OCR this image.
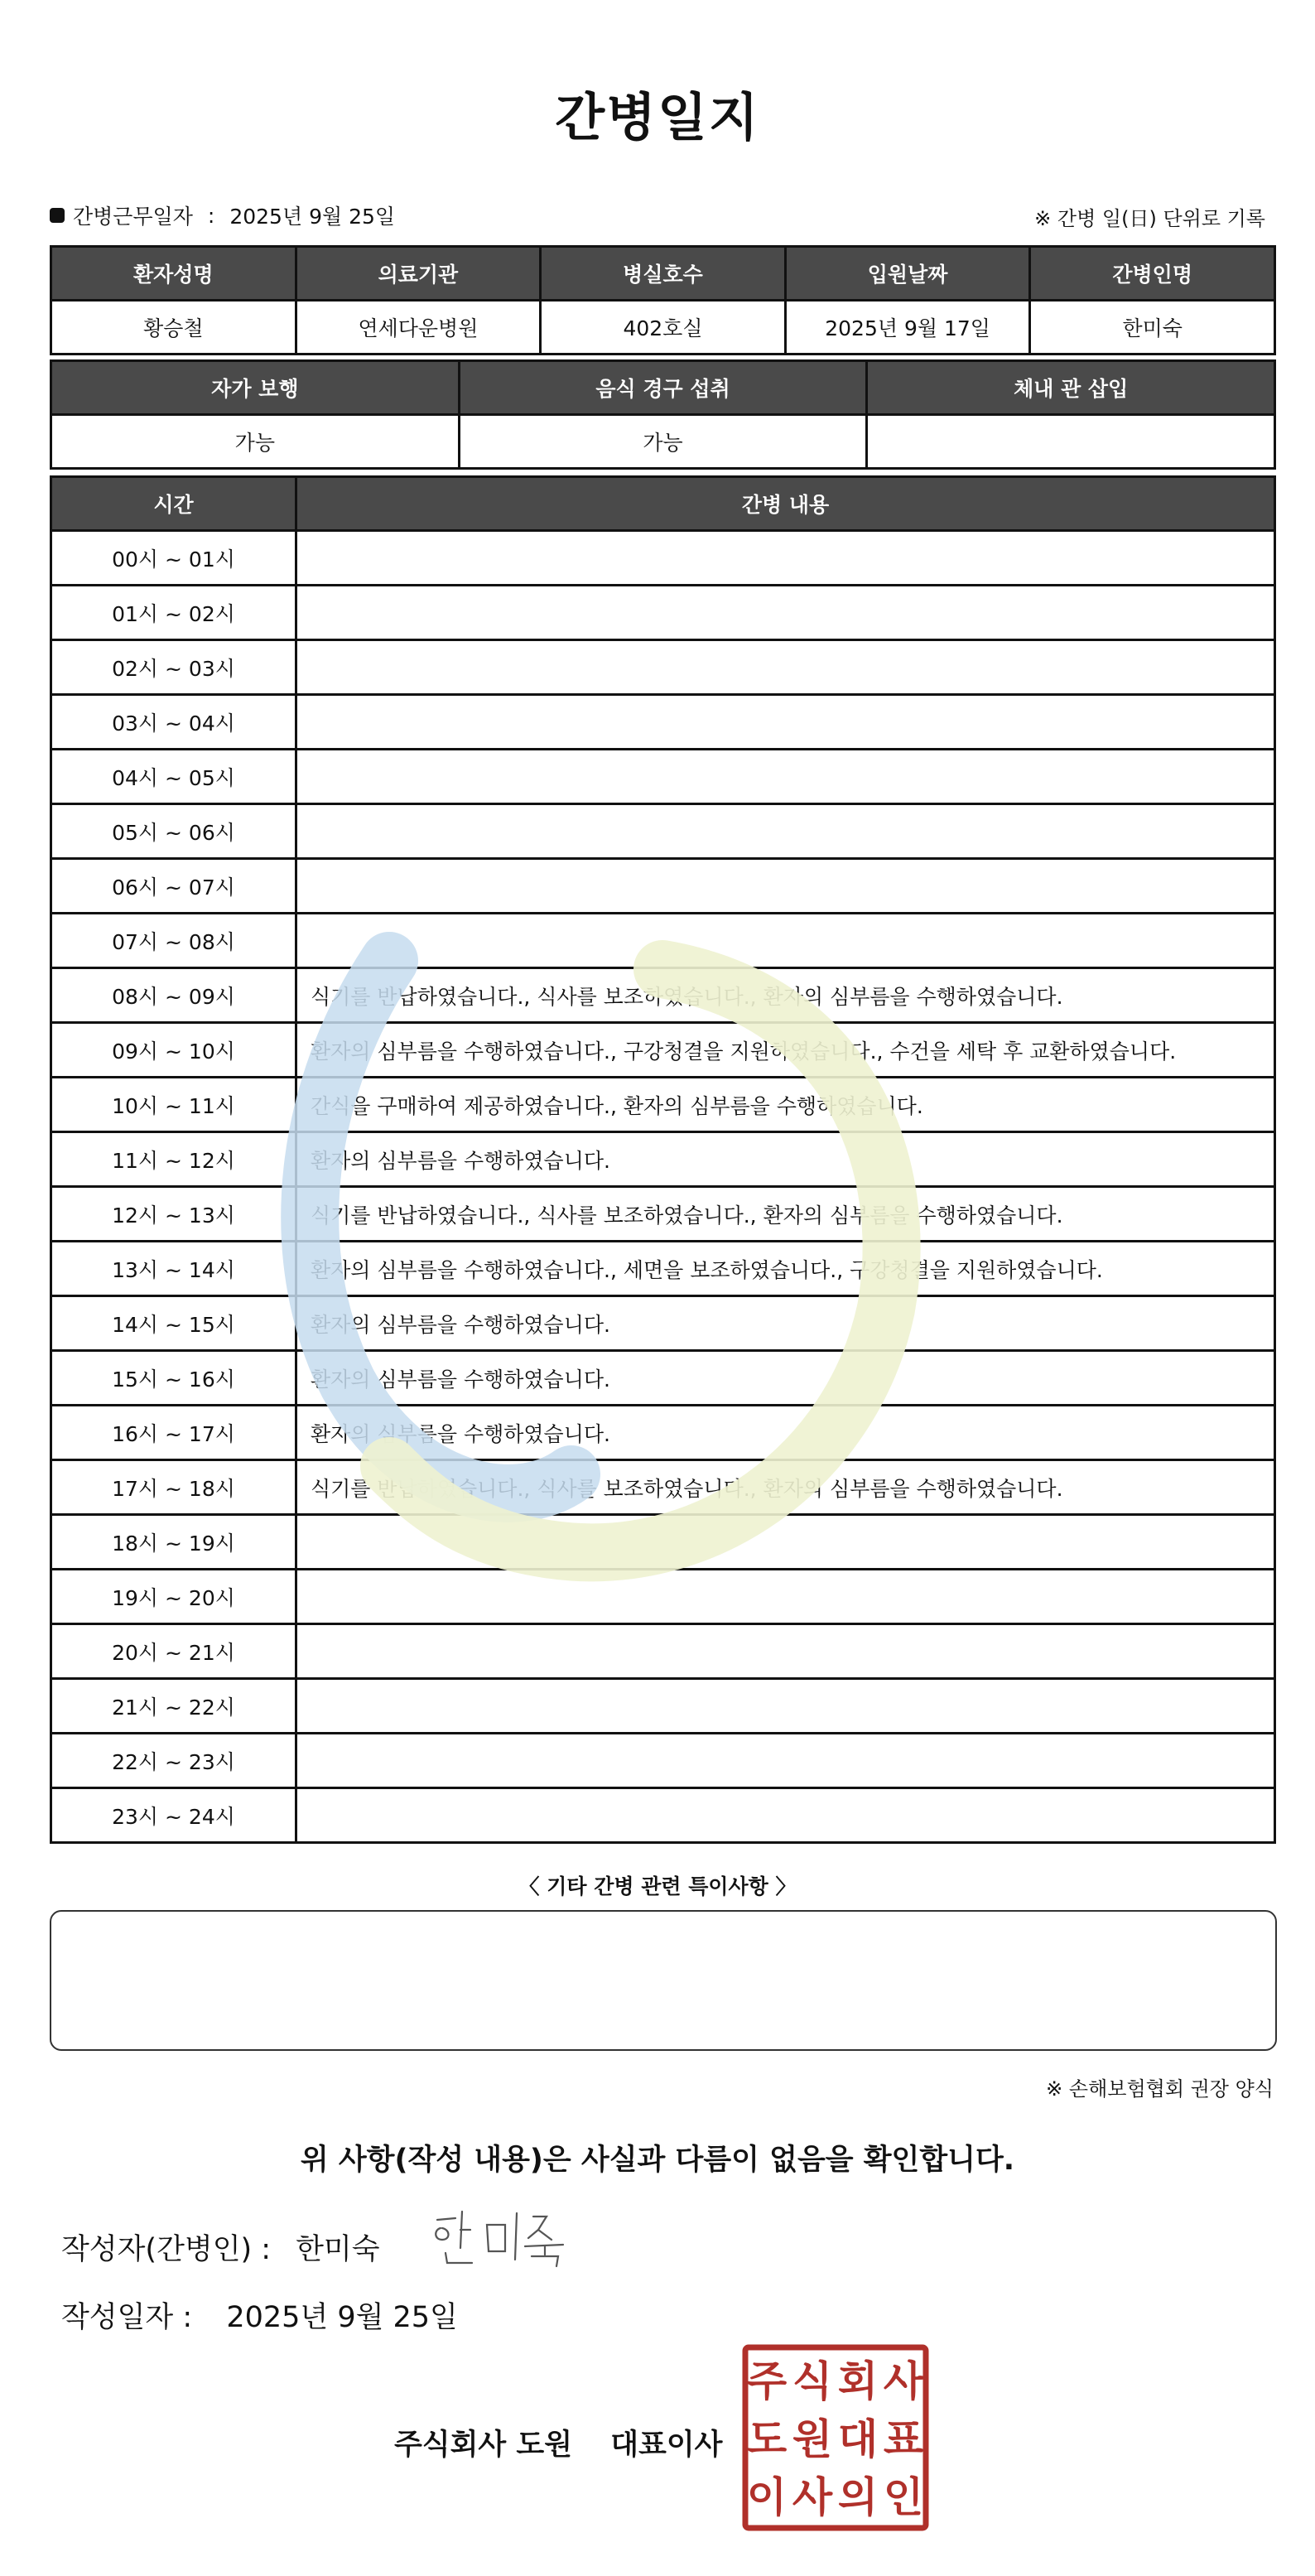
간병일지
간병근무일자 : 2025년 9월 25일	※ 간병 일(日) 단위로 기록
환자성명	의료기관	병실호수	입원날짜	간병인명
황승철	연세다운병원	402호실	2025년 9월 17일	한미숙
자가 보행	음식 경구 섭취	체내 관 삽입
가능	가능	
시간	간병 내용
00시 ~ 01시	
01시 ~ 02시	
02시 ~ 03시	
03시 ~ 04시	
04시 ~ 05시	
05시 ~ 06시	
06시 ~ 07시	
07시 ~ 08시	
08시 ~ 09시	식기를 반납하였습니다., 식사를 보조하였습니다., 환자의 심부름을 수행하였습니다.
09시 ~ 10시	환자의 심부름을 수행하였습니다., 구강청결을 지원하였습니다., 수건을 세탁 후 교환하였습니다.
10시 ~ 11시	간식을 구매하여 제공하였습니다., 환자의 심부름을 수행하였습니다.
11시 ~ 12시	환자의 심부름을 수행하였습니다.
12시 ~ 13시	식기를 반납하였습니다., 식사를 보조하였습니다., 환자의 심부름을 수행하였습니다.
13시 ~ 14시	환자의 심부름을 수행하였습니다., 세면을 보조하였습니다., 구강청결을 지원하였습니다.
14시 ~ 15시	환자의 심부름을 수행하였습니다.
15시 ~ 16시	환자의 심부름을 수행하였습니다.
16시 ~ 17시	환자의 심부름을 수행하였습니다.
17시 ~ 18시	식기를 반납하였습니다., 식사를 보조하였습니다., 환자의 심부름을 수행하였습니다.
18시 ~ 19시	
19시 ~ 20시	
20시 ~ 21시	
21시 ~ 22시	
22시 ~ 23시	
23시 ~ 24시	
〈 기타 간병 관련 특이사항 〉
※ 손해보험협회 권장 양식
위 사항(작성 내용)은 사실과 다름이 없음을 확인합니다.
작성자(간병인) : 한미숙
작성일자 : 2025년 9월 25일
주식회사 도원 대표이사
주 식 회 사
도 원 대 표
이 사 의 인
